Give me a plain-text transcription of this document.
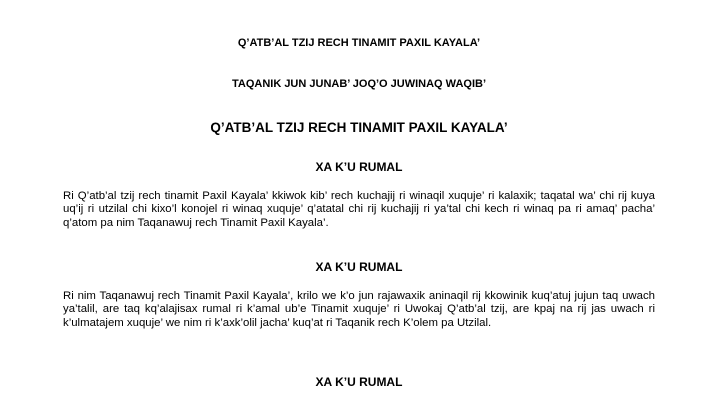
Q’ATB’AL TZIJ RECH TINAMIT PAXIL KAYALA’
TAQANIK JUN JUNAB’ JOQ’O JUWINAQ WAQIB’
Q’ATB’AL TZIJ RECH TINAMIT PAXIL KAYALA’
XA K’U RUMAL

Ri Q’atb’al tzij rech tinamit Paxil Kayala’ kkiwok kib’ rech kuchajij ri winaqil xuquje’ ri kalaxik; taqatal wa’ chi rij kuya uq’ij ri utzilal chi kixo’l konojel ri winaq xuquje’ q’atatal chi rij kuchajij ri ya’tal chi kech ri winaq pa ri amaq’ pacha’ q’atom pa nim Taqanawuj rech Tinamit Paxil Kayala’.

XA K’U RUMAL

Ri nim Taqanawuj rech Tinamit Paxil Kayala’, krilo we k’o jun rajawaxik aninaqil rij kkowinik kuq’atuj jujun taq uwach ya’talil, are taq kq’alajisax rumal ri k’amal ub’e Tinamit xuquje’ ri Uwokaj Q’atb’al tzij, are kpaj na rij jas uwach ri k’ulmatajem xuquje’ we nim ri k’axk’olil jacha’ kuq’at ri Taqanik rech K’olem pa Utzilal.

XA K’U RUMAL
